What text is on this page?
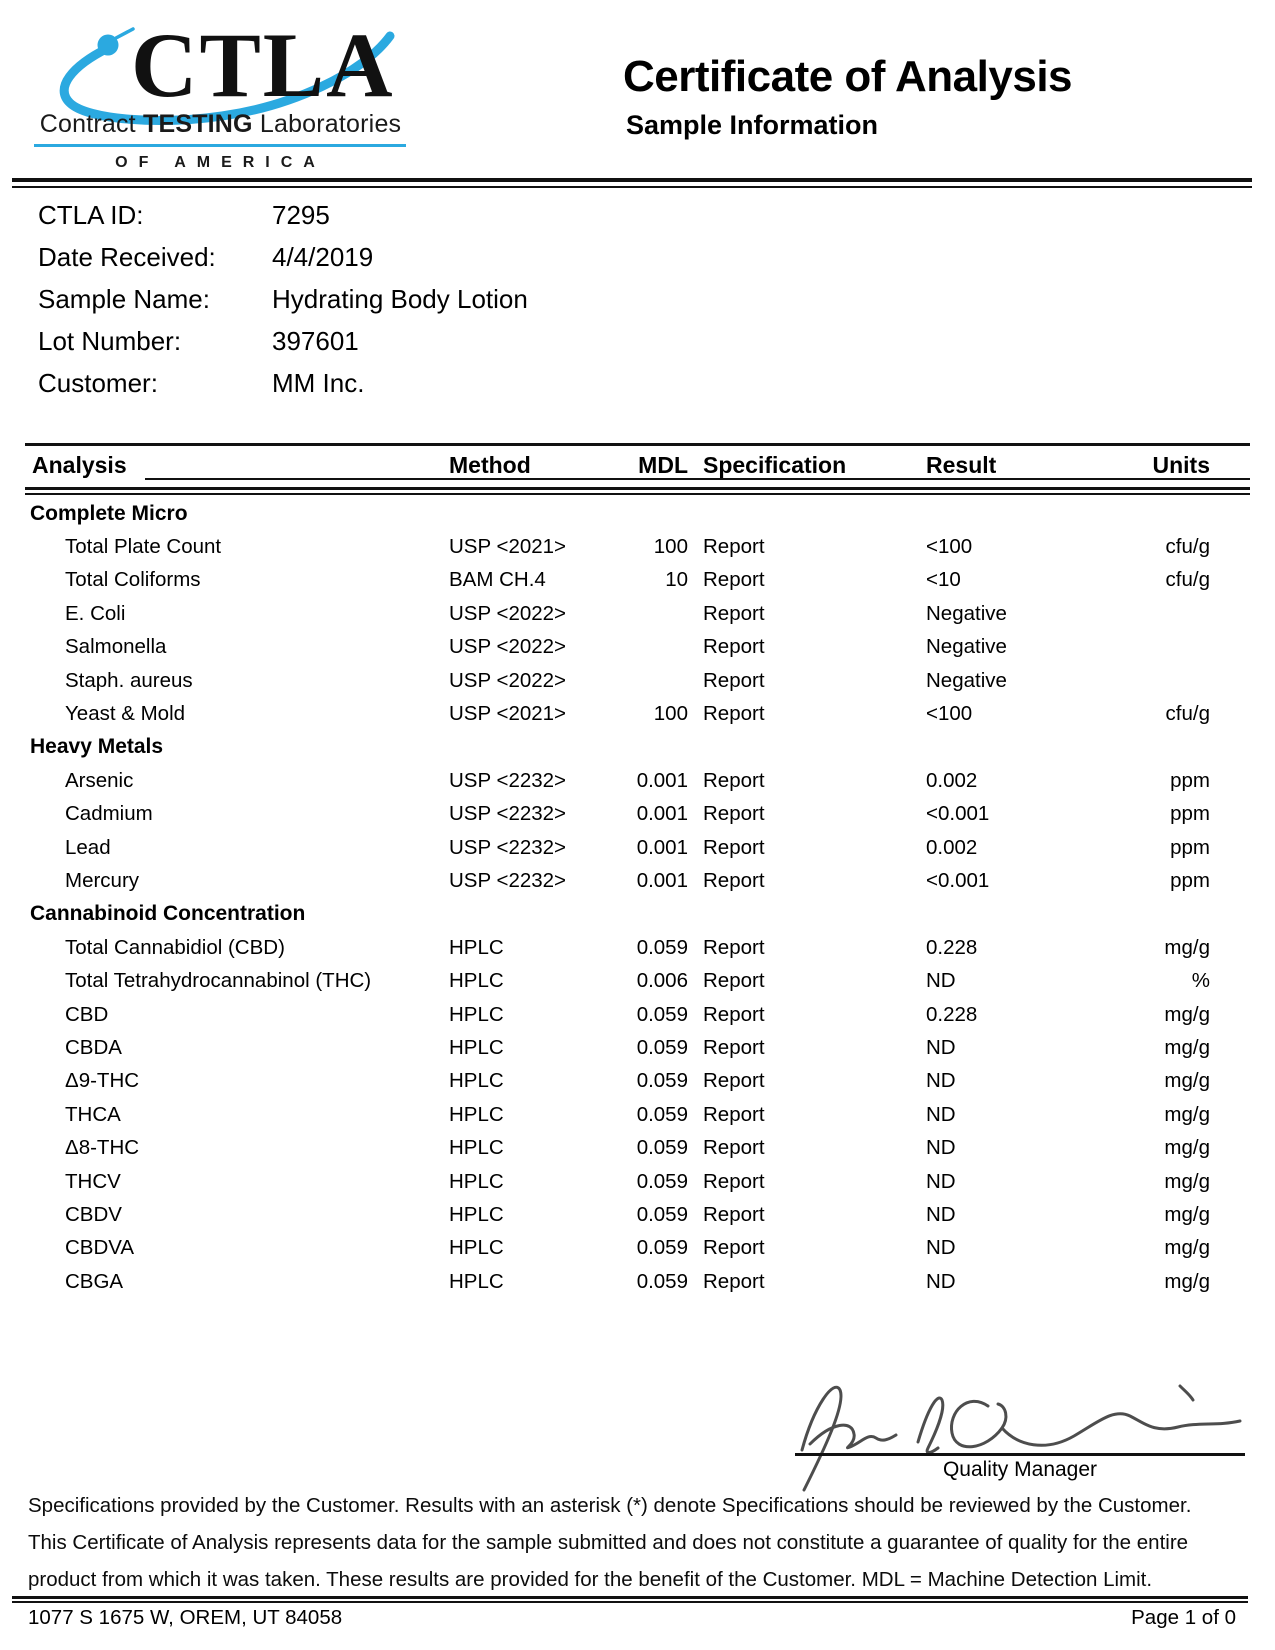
CTLA
Contract TESTING Laboratories
OF AMERICA
Certificate of Analysis
Sample Information
CTLA ID:	7295
Date Received:	4/4/2019
Sample Name:	Hydrating Body Lotion
Lot Number:	397601
Customer:	MM Inc.
Analysis	Method	MDL Specification	Result	Units
Complete Micro
Total Plate Count	USP <2021>	100 Report	<100	cfu/g
Total Coliforms	BAM CH.4	10 Report	<10	cfu/g
E. Coli	USP <2022>	Report	Negative
Salmonella	USP <2022>	Report	Negative
Staph. aureus	USP <2022>	Report	Negative
Yeast & Mold	USP <2021>	100 Report	<100	cfu/g
Heavy Metals
Arsenic	USP <2232>	0.001 Report	0.002	ppm
Cadmium	USP <2232>	0.001 Report	<0.001	ppm
Lead	USP <2232>	0.001 Report	0.002	ppm
Mercury	USP <2232>	0.001 Report	<0.001	ppm
Cannabinoid Concentration
Total Cannabidiol (CBD)	HPLC	0.059 Report	0.228	mg/g
Total Tetrahydrocannabinol (THC)	HPLC	0.006 Report	ND	%
CBD	HPLC	0.059 Report	0.228	mg/g
CBDA	HPLC	0.059 Report	ND	mg/g
Δ9-THC	HPLC	0.059 Report	ND	mg/g
THCA	HPLC	0.059 Report	ND	mg/g
Δ8-THC	HPLC	0.059 Report	ND	mg/g
THCV	HPLC	0.059 Report	ND	mg/g
CBDV	HPLC	0.059 Report	ND	mg/g
CBDVA	HPLC	0.059 Report	ND	mg/g
CBGA	HPLC	0.059 Report	ND	mg/g
Quality Manager
Specifications provided by the Customer. Results with an asterisk (*) denote Specifications should be reviewed by the Customer.
This Certificate of Analysis represents data for the sample submitted and does not constitute a guarantee of quality for the entire
product from which it was taken. These results are provided for the benefit of the Customer. MDL = Machine Detection Limit.
1077 S 1675 W, OREM, UT 84058	Page 1 of 0
